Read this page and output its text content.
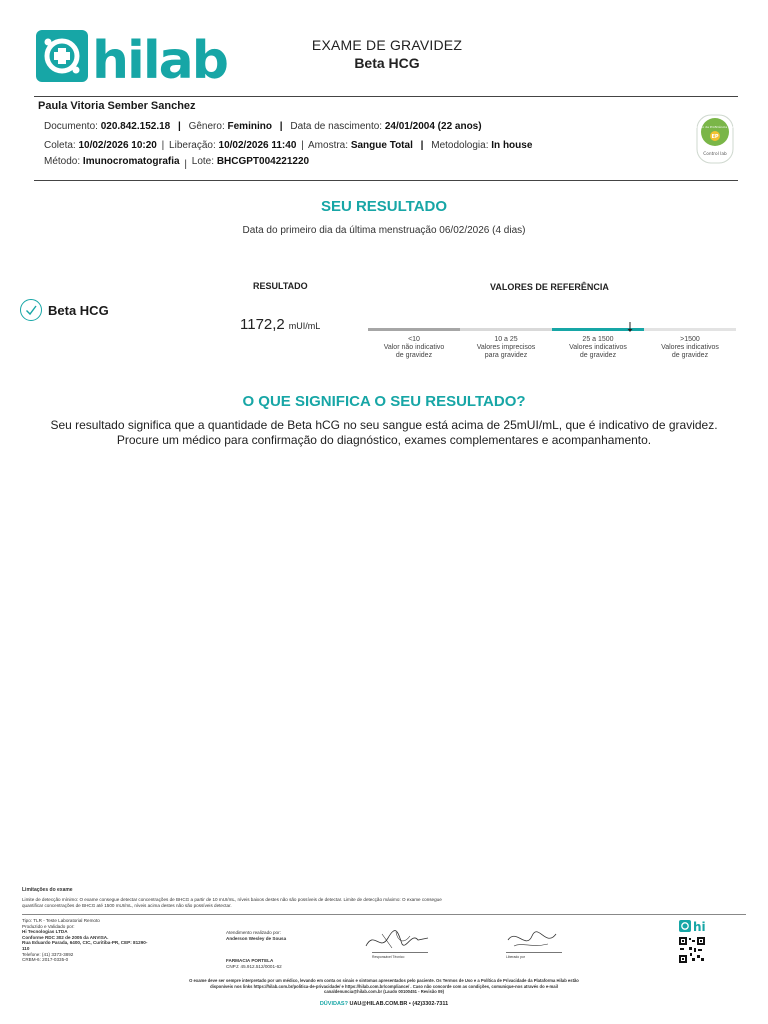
hilab	EXAME DE GRAVIDEZ
Beta HCG
Paula Vitoria Sember Sanchez
Documento: 020.842.152.18 | Gênero: Feminino | Data de nascimento: 24/01/2004 (22 anos)
Coleta: 10/02/2026 10:20 | Liberação: 10/02/2026 11:40 | Amostra: Sangue Total | Metodologia: In house
Método: Imunocromatografia | Lote: BHCGPT004221220
Ensaio de Proficiência 2025
EP
Control lab
SEU RESULTADO
Data do primeiro dia da última menstruação 06/02/2026 (4 dias)
RESULTADO	VALORES DE REFERÊNCIA
Beta HCG
1172,2 mUI/mL
<10
Valor não indicativo
de gravidez
10 a 25
Valores imprecisos
para gravidez
25 a 1500
Valores indicativos
de gravidez
>1500
Valores indicativos
de gravidez
O QUE SIGNIFICA O SEU RESULTADO?
Seu resultado significa que a quantidade de Beta hCG no seu sangue está acima de 25mUI/mL, que é indicativo de gravidez.
Procure um médico para confirmação do diagnóstico, exames complementares e acompanhamento.
Limitações do exame
Limite de detecção mínimo: O exame consegue detectar concentrações de BHCG a partir de 10 mUI/mL, níveis baixos destes não são possíveis de detectar. Limite de detecção máximo: O exame consegue quantificar concentrações de BHCG até 1500 mUI/mL, níveis acima destes não são possíveis detectar.
Tipo: TLR - Teste Laboratorial Remoto
Produzido e Validado por:
Hi Tecnologias LTDA
Conforme RDC 302 de 2005 da ANVISA.
Rua Eduardo Parada, 6400, CIC, Curitiba-PR, CEP: 81290-110
Telefone: (41) 3373-3892
CRBM-6: 2017-0335-0
Atendimento realizado por:
Anderson Wesley de Sousa
FARMACIA PORTELA
CNPJ: 45.912.512/0001-62
Responsável Técnico	Liberado por
hi
O exame deve ser sempre interpretado por um médico, levando em conta os sinais e sintomas apresentados pelo paciente. Os Termos de Uso e a Política de Privacidade da Plataforma Hilab estão
disponíveis nos links https://hilab.com.br/politica-de-privacidade/ e https://hilab.com.br/compliance/ . Caso não concorde com as condições, comunique-nos através do e-mail
canaldenuncia@hilab.com.br (Laudo 00100451 - Revisão 09)
DÚVIDAS? UAU@HILAB.COM.BR • (42)3302-7311
